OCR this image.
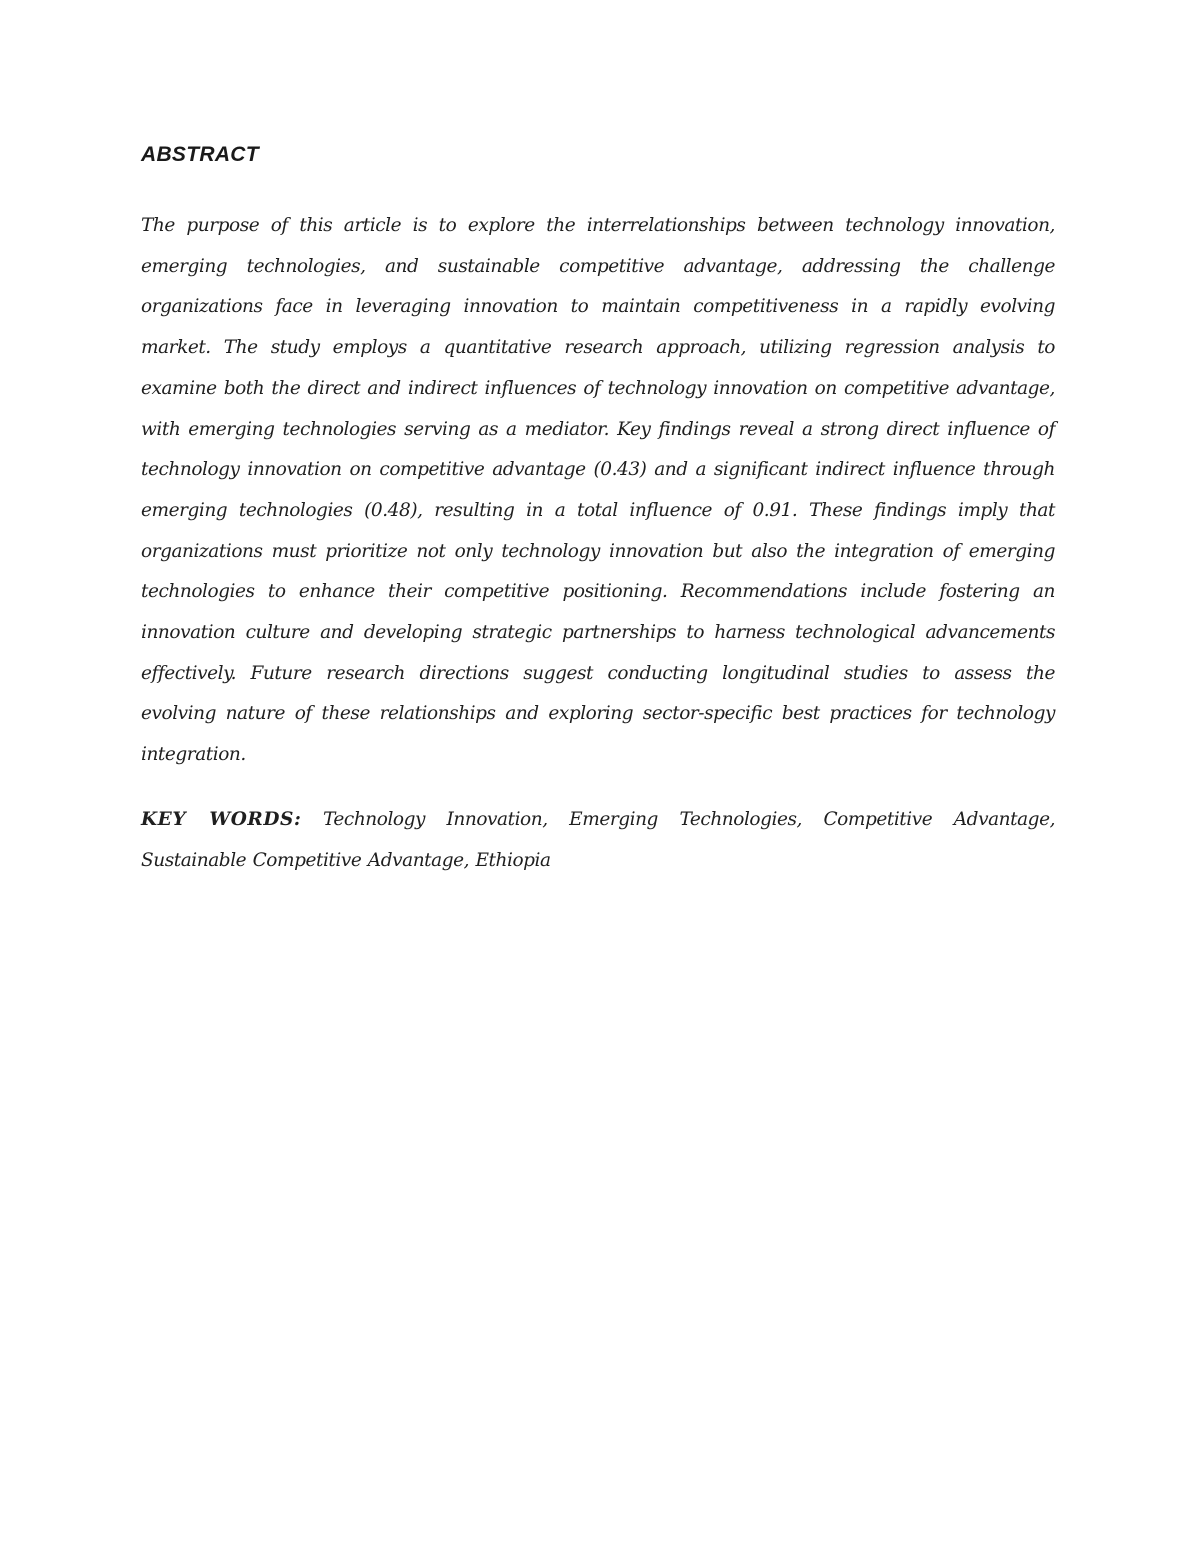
ABSTRACT

The purpose of this article is to explore the interrelationships between technology innovation, emerging technologies, and sustainable competitive advantage, addressing the challenge organizations face in leveraging innovation to maintain competitiveness in a rapidly evolving market. The study employs a quantitative research approach, utilizing regression analysis to examine both the direct and indirect influences of technology innovation on competitive advantage, with emerging technologies serving as a mediator. Key findings reveal a strong direct influence of technology innovation on competitive advantage (0.43) and a significant indirect influence through emerging technologies (0.48), resulting in a total influence of 0.91. These findings imply that organizations must prioritize not only technology innovation but also the integration of emerging technologies to enhance their competitive positioning. Recommendations include fostering an innovation culture and developing strategic partnerships to harness technological advancements effectively. Future research directions suggest conducting longitudinal studies to assess the evolving nature of these relationships and exploring sector-specific best practices for technology integration.

KEY WORDS: Technology Innovation, Emerging Technologies, Competitive Advantage, Sustainable Competitive Advantage, Ethiopia
